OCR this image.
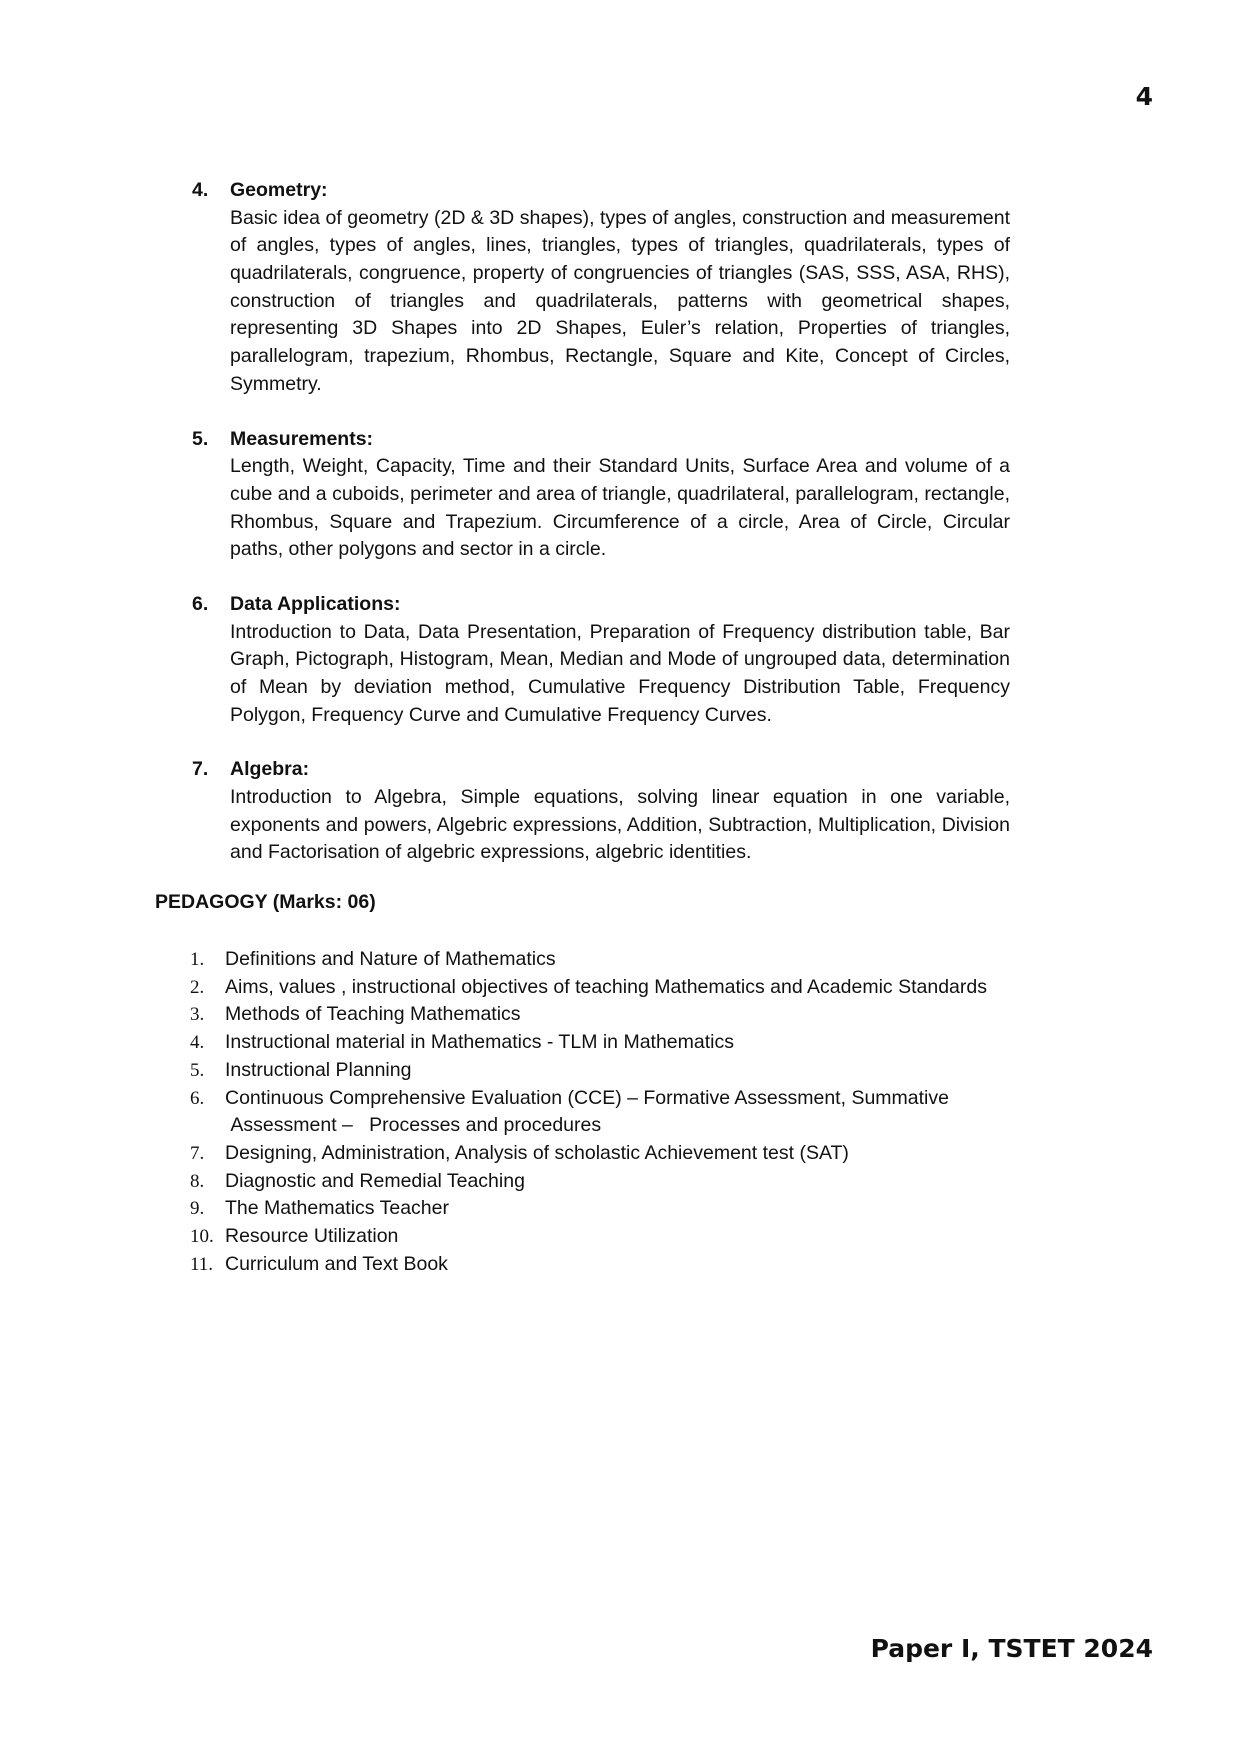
4
4.	Geometry:
Basic idea of geometry (2D & 3D shapes), types of angles, construction and measurement of angles, types of angles, lines, triangles, types of triangles, quadrilaterals, types of quadrilaterals, congruence, property of congruencies of triangles (SAS, SSS, ASA, RHS), construction of triangles and quadrilaterals, patterns with geometrical shapes, representing 3D Shapes into 2D Shapes, Euler’s relation, Properties of triangles, parallelogram, trapezium, Rhombus, Rectangle, Square and Kite, Concept of Circles, Symmetry.
5.	Measurements:
Length, Weight, Capacity, Time and their Standard Units, Surface Area and volume of a cube and a cuboids, perimeter and area of triangle, quadrilateral, parallelogram, rectangle, Rhombus, Square and Trapezium. Circumference of a circle, Area of Circle, Circular paths, other polygons and sector in a circle.
6.	Data Applications:
Introduction to Data, Data Presentation, Preparation of Frequency distribution table, Bar Graph, Pictograph, Histogram, Mean, Median and Mode of ungrouped data, determination of Mean by deviation method, Cumulative Frequency Distribution Table, Frequency Polygon, Frequency Curve and Cumulative Frequency Curves.
7.	Algebra:
Introduction to Algebra, Simple equations, solving linear equation in one variable, exponents and powers, Algebric expressions, Addition, Subtraction, Multiplication, Division and Factorisation of algebric expressions, algebric identities.
PEDAGOGY (Marks: 06)
1.	Definitions and Nature of Mathematics
2.	Aims, values , instructional objectives of teaching Mathematics and Academic Standards
3.	Methods of Teaching Mathematics
4.	Instructional material in Mathematics - TLM in Mathematics
5.	Instructional Planning
6.	Continuous Comprehensive Evaluation (CCE) – Formative Assessment, Summative
Assessment –   Processes and procedures
7.	Designing, Administration, Analysis of scholastic Achievement test (SAT)
8.	Diagnostic and Remedial Teaching
9.	The Mathematics Teacher
10. Resource Utilization
11. Curriculum and Text Book
Paper I, TSTET 2024
